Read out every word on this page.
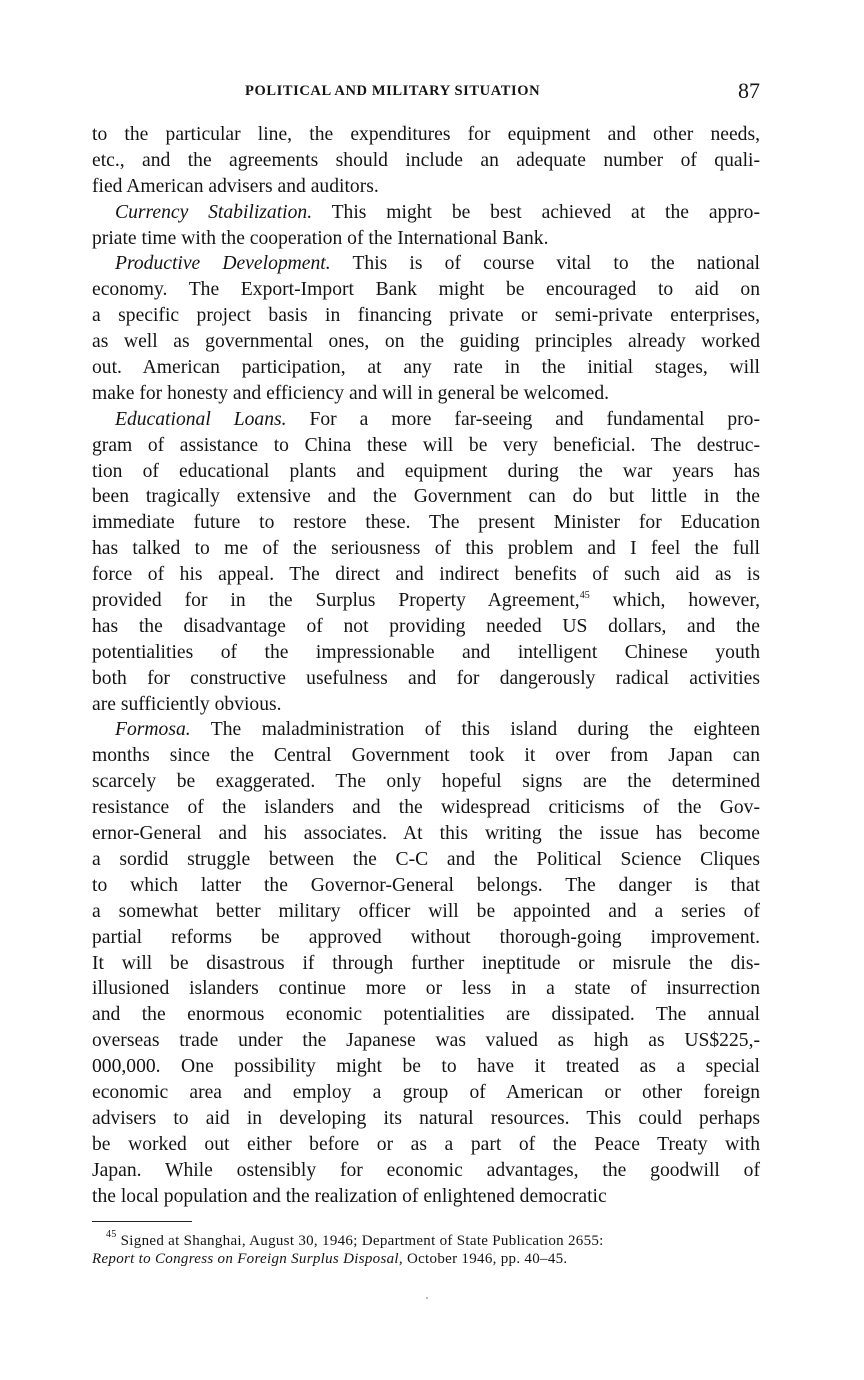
POLITICAL AND MILITARY SITUATION	87
to the particular line, the expenditures for equipment and other needs,
etc., and the agreements should include an adequate number of quali-
fied American advisers and auditors.
Currency Stabilization. This might be best achieved at the appro-
priate time with the cooperation of the International Bank.
Productive Development. This is of course vital to the national
economy. The Export-Import Bank might be encouraged to aid on
a specific project basis in financing private or semi-private enterprises,
as well as governmental ones, on the guiding principles already worked
out. American participation, at any rate in the initial stages, will
make for honesty and efficiency and will in general be welcomed.
Educational Loans. For a more far-seeing and fundamental pro-
gram of assistance to China these will be very beneficial. The destruc-
tion of educational plants and equipment during the war years has
been tragically extensive and the Government can do but little in the
immediate future to restore these. The present Minister for Education
has talked to me of the seriousness of this problem and I feel the full
force of his appeal. The direct and indirect benefits of such aid as is
provided for in the Surplus Property Agreement,$^{45}$ which, however,
has the disadvantage of not providing needed US dollars, and the
potentialities of the impressionable and intelligent Chinese youth
both for constructive usefulness and for dangerously radical activities
are sufficiently obvious.
Formosa. The maladministration of this island during the eighteen
months since the Central Government took it over from Japan can
scarcely be exaggerated. The only hopeful signs are the determined
resistance of the islanders and the widespread criticisms of the Gov-
ernor-General and his associates. At this writing the issue has become
a sordid struggle between the C-C and the Political Science Cliques
to which latter the Governor-General belongs. The danger is that
a somewhat better military officer will be appointed and a series of
partial reforms be approved without thorough-going improvement.
It will be disastrous if through further ineptitude or misrule the dis-
illusioned islanders continue more or less in a state of insurrection
and the enormous economic potentialities are dissipated. The annual
overseas trade under the Japanese was valued as high as US$225,-
000,000. One possibility might be to have it treated as a special
economic area and employ a group of American or other foreign
advisers to aid in developing its natural resources. This could perhaps
be worked out either before or as a part of the Peace Treaty with
Japan. While ostensibly for economic advantages, the goodwill of
the local population and the realization of enlightened democratic
$^{45}$ Signed at Shanghai, August 30, 1946; Department of State Publication 2655:
Report to Congress on Foreign Surplus Disposal, October 1946, pp. 40–45.
